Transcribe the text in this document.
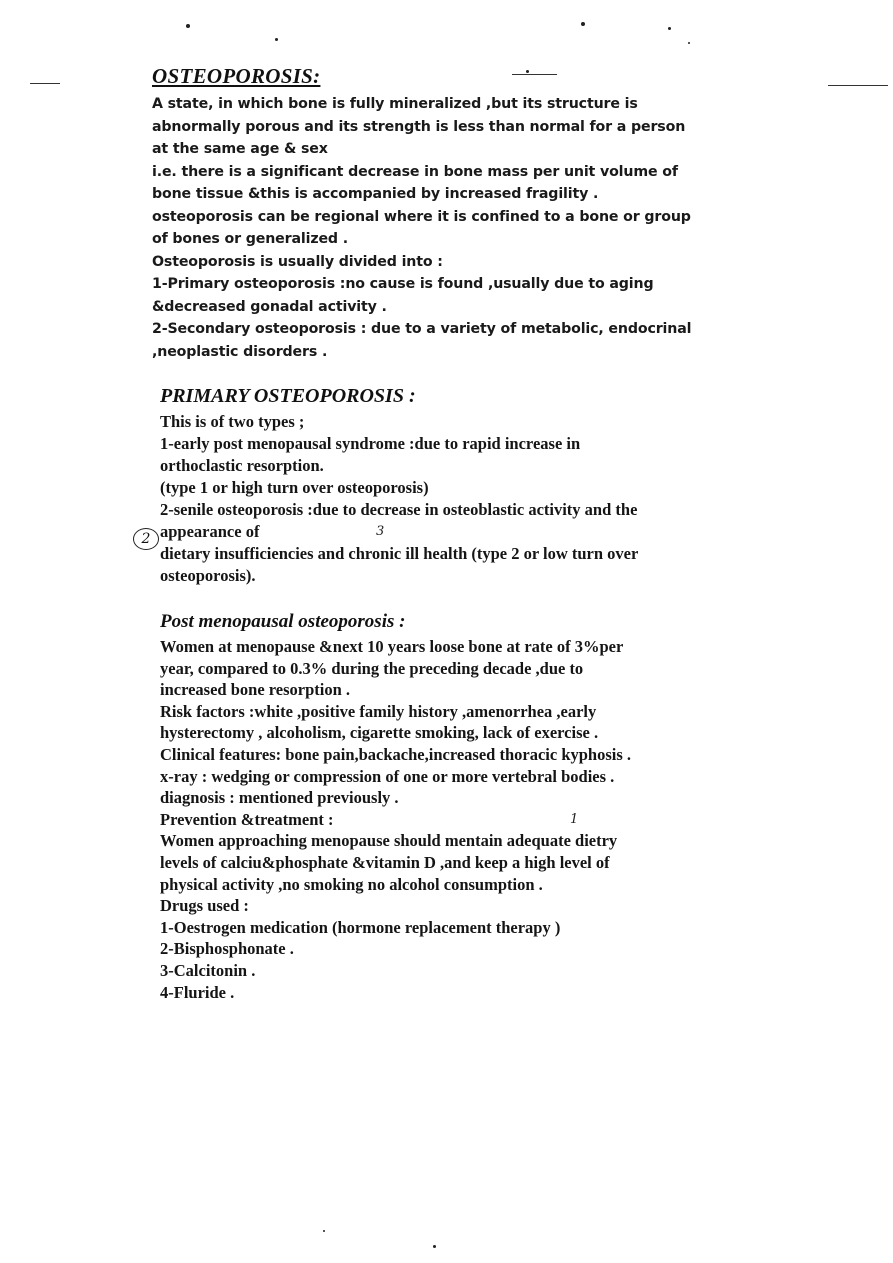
OSTEOPOROSIS:

A state, in which bone is fully mineralized ,but its structure is

abnormally porous and its strength is less than normal for a person

at the same age & sex

i.e. there is a significant decrease in bone mass per unit volume of

bone tissue &this is accompanied by increased fragility .

osteoporosis can be regional where it is confined to a bone or group

of bones or generalized .

Osteoporosis is usually divided into :

1-Primary osteoporosis :no cause is found ,usually due to aging

&decreased gonadal activity .

2-Secondary osteoporosis : due to a variety of metabolic, endocrinal

,neoplastic disorders .

PRIMARY OSTEOPOROSIS :

This is of two types ;

1-early post menopausal syndrome :due to rapid increase in

orthoclastic resorption.

(type 1 or high turn over osteoporosis)

2-senile osteoporosis :due to decrease in osteoblastic activity and the

appearance of

dietary insufficiencies and chronic ill health (type 2 or low turn over

osteoporosis).

Post menopausal osteoporosis :

Women at menopause &next 10 years loose bone at rate of 3%per

year, compared to 0.3% during the preceding decade ,due to

increased bone resorption .

Risk factors :white ,positive family history ,amenorrhea ,early

hysterectomy , alcoholism, cigarette smoking, lack of exercise .

Clinical features: bone pain,backache,increased thoracic kyphosis .

x-ray : wedging or compression of one or more vertebral bodies .

diagnosis : mentioned previously .

Prevention &treatment :

Women approaching menopause should mentain adequate dietry

levels of calciu&phosphate &vitamin D ,and keep a high level of

physical activity ,no smoking no alcohol consumption .

Drugs used :

1-Oestrogen medication (hormone replacement therapy )

2-Bisphosphonate .

3-Calcitonin .

4-Fluride .

2
1
3
